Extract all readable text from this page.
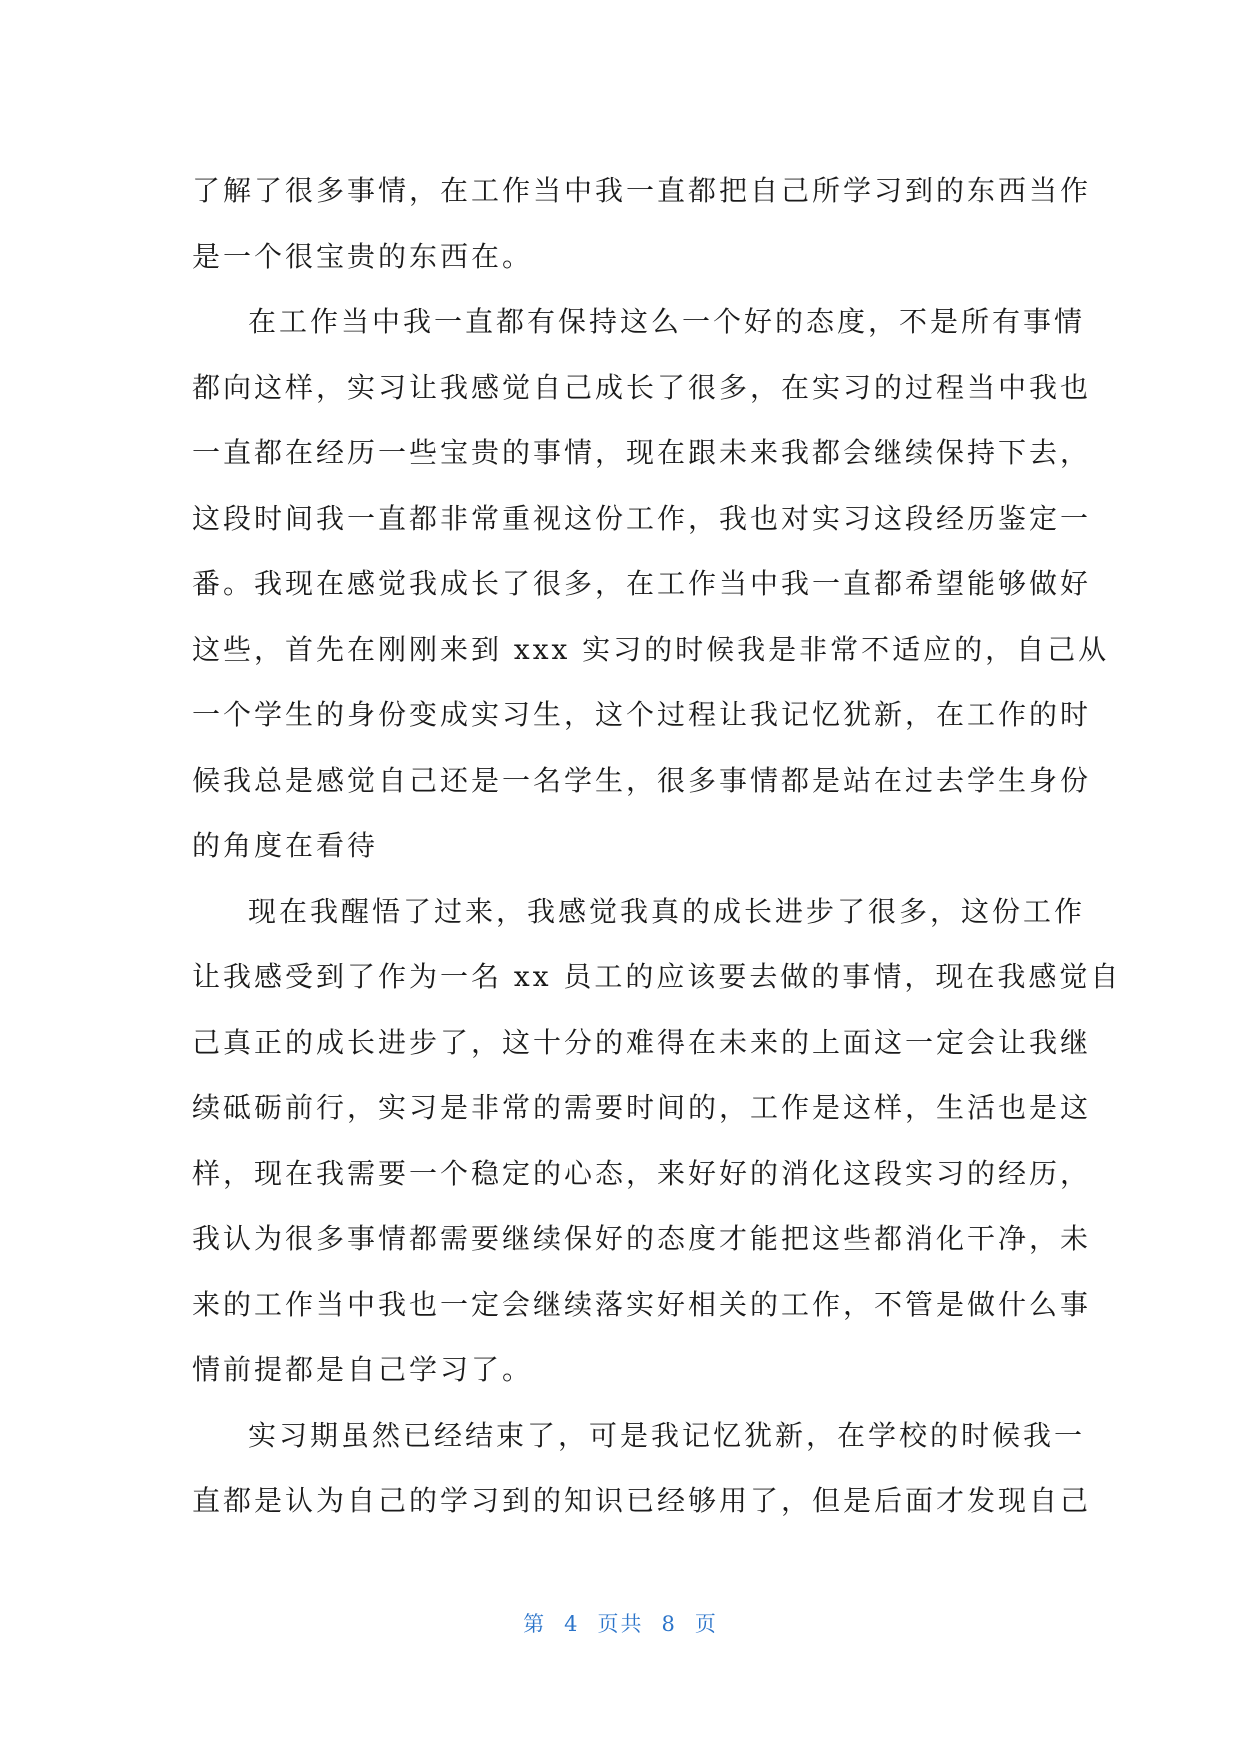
了解了很多事情，在工作当中我一直都把自己所学习到的东西当作
是一个很宝贵的东西在。
在工作当中我一直都有保持这么一个好的态度，不是所有事情
都向这样，实习让我感觉自己成长了很多，在实习的过程当中我也
一直都在经历一些宝贵的事情，现在跟未来我都会继续保持下去，
这段时间我一直都非常重视这份工作，我也对实习这段经历鉴定一
番。我现在感觉我成长了很多，在工作当中我一直都希望能够做好
这些，首先在刚刚来到 xxx 实习的时候我是非常不适应的，自己从
一个学生的身份变成实习生，这个过程让我记忆犹新，在工作的时
候我总是感觉自己还是一名学生，很多事情都是站在过去学生身份
的角度在看待
现在我醒悟了过来，我感觉我真的成长进步了很多，这份工作
让我感受到了作为一名 xx 员工的应该要去做的事情，现在我感觉自
己真正的成长进步了，这十分的难得在未来的上面这一定会让我继
续砥砺前行，实习是非常的需要时间的，工作是这样，生活也是这
样，现在我需要一个稳定的心态，来好好的消化这段实习的经历，
我认为很多事情都需要继续保好的态度才能把这些都消化干净，未
来的工作当中我也一定会继续落实好相关的工作，不管是做什么事
情前提都是自己学习了。
实习期虽然已经结束了，可是我记忆犹新，在学校的时候我一
直都是认为自己的学习到的知识已经够用了，但是后面才发现自己
第 4 页共 8 页
